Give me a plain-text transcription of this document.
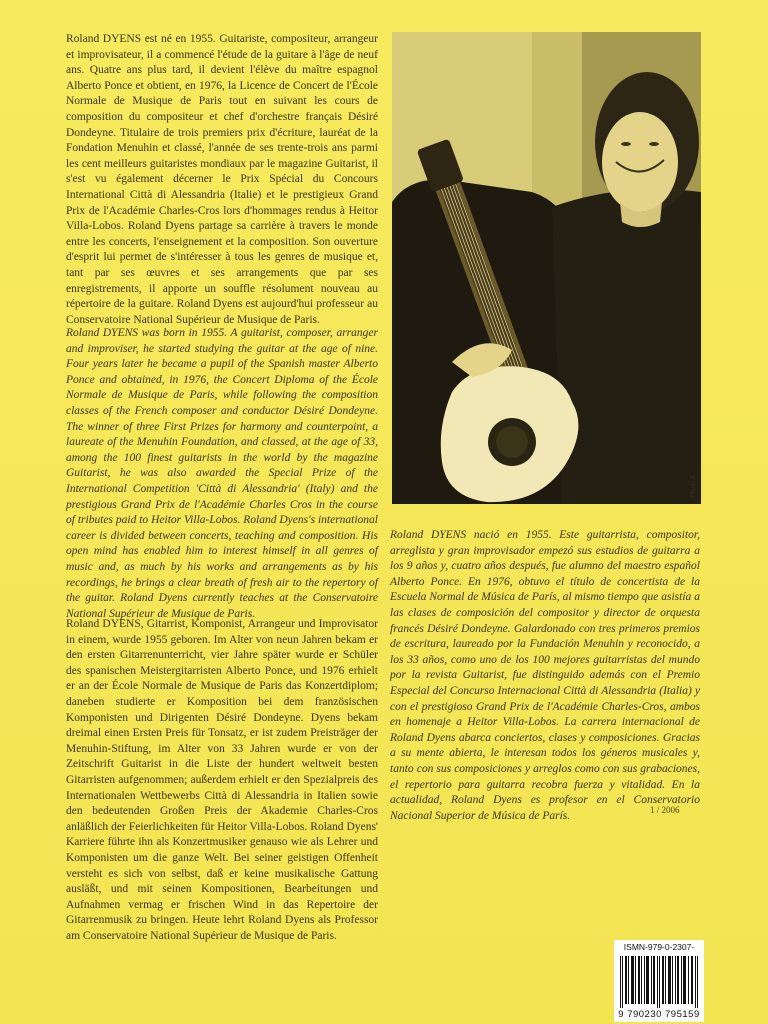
Roland DYENS est né en 1955. Guitariste, compositeur, arrangeur et improvisateur, il a commencé l'étude de la guitare à l'âge de neuf ans. Quatre ans plus tard, il devient l'élève du maître espagnol Alberto Ponce et obtient, en 1976, la Licence de Concert de l'École Normale de Musique de Paris tout en suivant les cours de composition du compositeur et chef d'orchestre français Désiré Dondeyne. Titulaire de trois premiers prix d'écriture, lauréat de la Fondation Menuhin et classé, l'année de ses trente-trois ans parmi les cent meilleurs guitaristes mondiaux par le magazine Guitarist, il s'est vu également décerner le Prix Spécial du Concours International Città di Alessandria (Italie) et le prestigieux Grand Prix de l'Académie Charles-Cros lors d'hommages rendus à Heitor Villa-Lobos. Roland Dyens partage sa carrière à travers le monde entre les concerts, l'enseignement et la composition. Son ouverture d'esprit lui permet de s'intéresser à tous les genres de musique et, tant par ses œuvres et ses arrangements que par ses enregistrements, il apporte un souffle résolument nouveau au répertoire de la guitare. Roland Dyens est aujourd'hui professeur au Conservatoire National Supérieur de Musique de Paris.

Roland DYENS was born in 1955. A guitarist, composer, arranger and improviser, he started studying the guitar at the age of nine. Four years later he became a pupil of the Spanish master Alberto Ponce and obtained, in 1976, the Concert Diploma of the École Normale de Musique de Paris, while following the composition classes of the French composer and conductor Désiré Dondeyne. The winner of three First Prizes for harmony and counterpoint, a laureate of the Menuhin Foundation, and classed, at the age of 33, among the 100 finest guitarists in the world by the magazine Guitarist, he was also awarded the Special Prize of the International Competition 'Città di Alessandria' (Italy) and the prestigious Grand Prix de l'Académie Charles Cros in the course of tributes paid to Heitor Villa-Lobos. Roland Dyens's international career is divided between concerts, teaching and composition. His open mind has enabled him to interest himself in all genres of music and, as much by his works and arrangements as by his recordings, he brings a clear breath of fresh air to the repertory of the guitar. Roland Dyens currently teaches at the Conservatoire National Supérieur de Musique de Paris.

Roland DYENS, Gitarrist, Komponist, Arrangeur und Improvisator in einem, wurde 1955 geboren. Im Alter von neun Jahren bekam er den ersten Gitarrenunterricht, vier Jahre später wurde er Schüler des spanischen Meistergitarristen Alberto Ponce, und 1976 erhielt er an der École Normale de Musique de Paris das Konzertdiplom; daneben studierte er Komposition bei dem französischen Komponisten und Dirigenten Désiré Dondeyne. Dyens bekam dreimal einen Ersten Preis für Tonsatz, er ist zudem Preisträger der Menuhin-Stiftung, im Alter von 33 Jahren wurde er von der Zeitschrift Guitarist in die Liste der hundert weltweit besten Gitarristen aufgenommen; außerdem erhielt er den Spezialpreis des Internationalen Wettbewerbs Città di Alessandria in Italien sowie den bedeutenden Großen Preis der Akademie Charles-Cros anläßlich der Feierlichkeiten für Heitor Villa-Lobos. Roland Dyens' Karriere führte ihn als Konzertmusiker genauso wie als Lehrer und Komponisten um die ganze Welt. Bei seiner geistigen Offenheit versteht es sich von selbst, daß er keine musikalische Gattung ausläßt, und mit seinen Kompositionen, Bearbeitungen und Aufnahmen vermag er frischen Wind in das Repertoire der Gitarrenmusik zu bringen. Heute lehrt Roland Dyens als Professor am Conservatoire National Supérieur de Musique de Paris.

Photo X

Roland DYENS nació en 1955. Este guitarrista, compositor, arreglista y gran improvisador empezó sus estudios de guitarra a los 9 años y, cuatro años después, fue alumno del maestro español Alberto Ponce. En 1976, obtuvo el título de concertista de la Escuela Normal de Música de París, al mismo tiempo que asistía a las clases de composición del compositor y director de orquesta francés Désiré Dondeyne. Galardonado con tres primeros premios de escritura, laureado por la Fundación Menuhin y reconocido, a los 33 años, como uno de los 100 mejores guitarristas del mundo por la revista Guitarist, fue distinguido además con el Premio Especial del Concurso Internacional Città di Alessandria (Italia) y con el prestigioso Grand Prix de l'Académie Charles-Cros, ambos en homenaje a Heitor Villa-Lobos. La carrera internacional de Roland Dyens abarca conciertos, clases y composiciones. Gracias a su mente abierta, le interesan todos los géneros musicales y, tanto con sus composiciones y arreglos como con sus grabaciones, el repertorio para guitarra recobra fuerza y vitalidad. En la actualidad, Roland Dyens es profesor en el Conservatorio Nacional Superior de Música de París.	1 / 2006
ISMN-979-0-2307-
9 790230 795159
